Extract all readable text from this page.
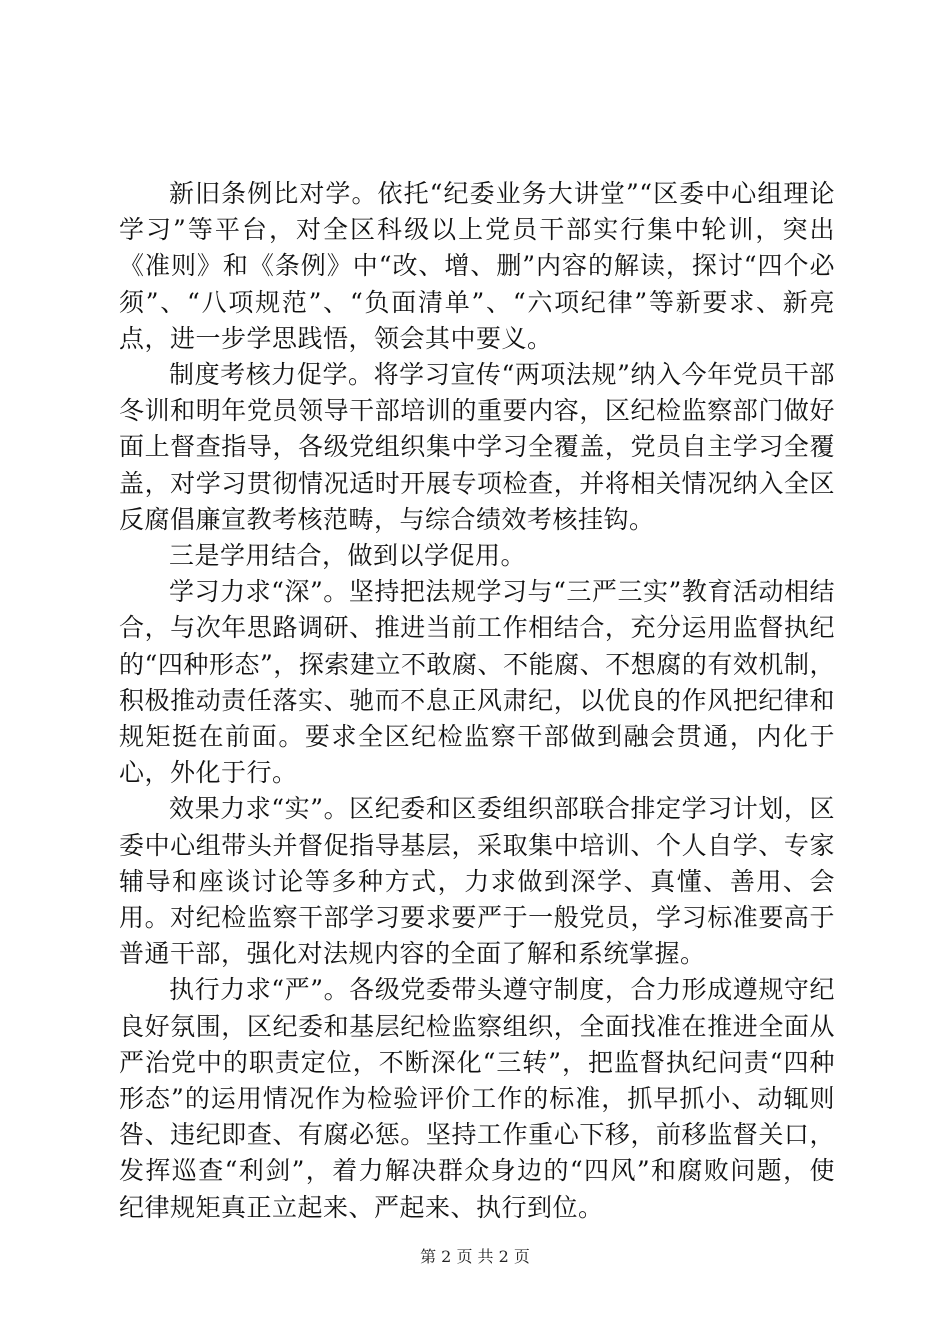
新旧条例比对学。依托“纪委业务大讲堂”“区委中心组理论学习”等平台，对全区科级以上党员干部实行集中轮训，突出《准则》和《条例》中“改、增、删”内容的解读，探讨“四个必须”、“八项规范”、“负面清单”、“六项纪律”等新要求、新亮点，进一步学思践悟，领会其中要义。

制度考核力促学。将学习宣传“两项法规”纳入今年党员干部冬训和明年党员领导干部培训的重要内容，区纪检监察部门做好面上督查指导，各级党组织集中学习全覆盖，党员自主学习全覆盖，对学习贯彻情况适时开展专项检查，并将相关情况纳入全区反腐倡廉宣教考核范畴，与综合绩效考核挂钩。

三是学用结合，做到以学促用。

学习力求“深”。坚持把法规学习与“三严三实”教育活动相结合，与次年思路调研、推进当前工作相结合，充分运用监督执纪的“四种形态”，探索建立不敢腐、不能腐、不想腐的有效机制，积极推动责任落实、驰而不息正风肃纪，以优良的作风把纪律和规矩挺在前面。要求全区纪检监察干部做到融会贯通，内化于心，外化于行。

效果力求“实”。区纪委和区委组织部联合排定学习计划，区委中心组带头并督促指导基层，采取集中培训、个人自学、专家辅导和座谈讨论等多种方式，力求做到深学、真懂、善用、会用。对纪检监察干部学习要求要严于一般党员，学习标准要高于普通干部，强化对法规内容的全面了解和系统掌握。

执行力求“严”。各级党委带头遵守制度，合力形成遵规守纪良好氛围，区纪委和基层纪检监察组织，全面找准在推进全面从严治党中的职责定位，不断深化“三转”，把监督执纪问责“四种形态”的运用情况作为检验评价工作的标准，抓早抓小、动辄则咎、违纪即查、有腐必惩。坚持工作重心下移，前移监督关口，发挥巡查“利剑”，着力解决群众身边的“四风”和腐败问题，使纪律规矩真正立起来、严起来、执行到位。

第 2 页 共 2 页
